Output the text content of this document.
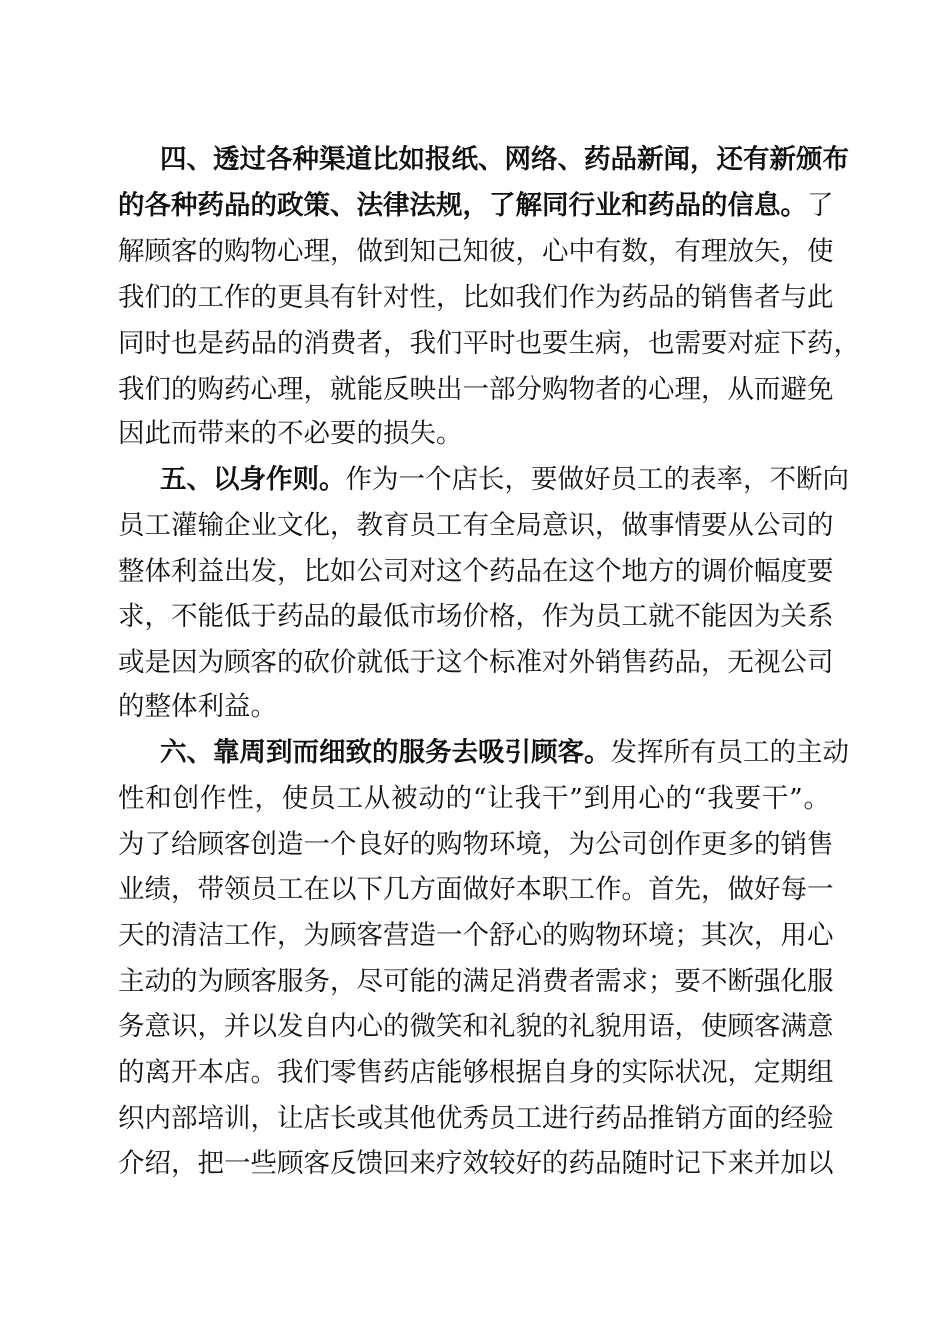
四、透过各种渠道比如报纸、网络、药品新闻，还有新颁布
的各种药品的政策、法律法规，了解同行业和药品的信息。了
解顾客的购物心理，做到知己知彼，心中有数，有理放矢，使
我们的工作的更具有针对性，比如我们作为药品的销售者与此
同时也是药品的消费者，我们平时也要生病，也需要对症下药，
我们的购药心理，就能反映出一部分购物者的心理，从而避免
因此而带来的不必要的损失。
五、以身作则。作为一个店长，要做好员工的表率，不断向
员工灌输企业文化，教育员工有全局意识，做事情要从公司的
整体利益出发，比如公司对这个药品在这个地方的调价幅度要
求，不能低于药品的最低市场价格，作为员工就不能因为关系
或是因为顾客的砍价就低于这个标准对外销售药品，无视公司
的整体利益。
六、靠周到而细致的服务去吸引顾客。发挥所有员工的主动
性和创作性，使员工从被动的“让我干”到用心的“我要干”。
为了给顾客创造一个良好的购物环境，为公司创作更多的销售
业绩，带领员工在以下几方面做好本职工作。首先，做好每一
天的清洁工作，为顾客营造一个舒心的购物环境；其次，用心
主动的为顾客服务，尽可能的满足消费者需求；要不断强化服
务意识，并以发自内心的微笑和礼貌的礼貌用语，使顾客满意
的离开本店。我们零售药店能够根据自身的实际状况，定期组
织内部培训，让店长或其他优秀员工进行药品推销方面的经验
介绍，把一些顾客反馈回来疗效较好的药品随时记下来并加以
